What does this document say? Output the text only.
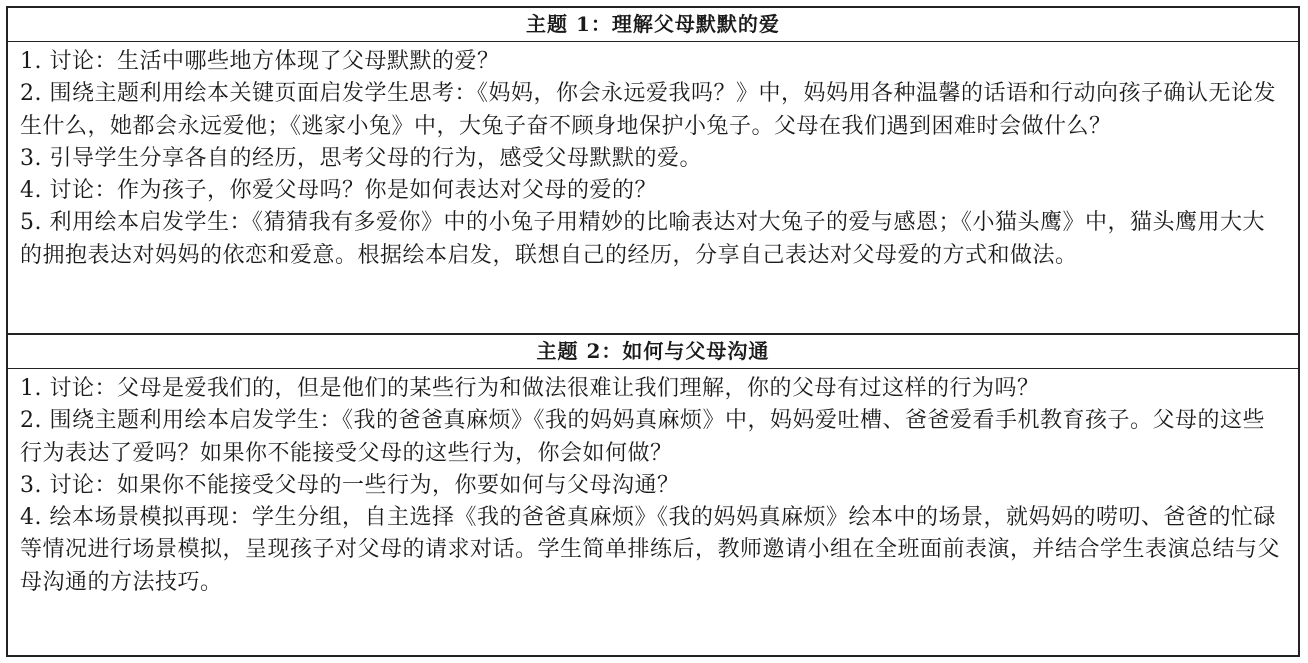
主题 1：理解父母默默的爱

1. 讨论：生活中哪些地方体现了父母默默的爱？

2. 围绕主题利用绘本关键页面启发学生思考：《妈妈，你会永远爱我吗？》中，妈妈用各种温馨的话语和行动向孩子确认无论发生什么，她都会永远爱他；《逃家小兔》中，大兔子奋不顾身地保护小兔子。父母在我们遇到困难时会做什么？

3. 引导学生分享各自的经历，思考父母的行为，感受父母默默的爱。

4. 讨论：作为孩子，你爱父母吗？你是如何表达对父母的爱的？

5. 利用绘本启发学生：《猜猜我有多爱你》中的小兔子用精妙的比喻表达对大兔子的爱与感恩；《小猫头鹰》中，猫头鹰用大大的拥抱表达对妈妈的依恋和爱意。根据绘本启发，联想自己的经历，分享自己表达对父母爱的方式和做法。

主题 2：如何与父母沟通

1. 讨论：父母是爱我们的，但是他们的某些行为和做法很难让我们理解，你的父母有过这样的行为吗？

2. 围绕主题利用绘本启发学生：《我的爸爸真麻烦》《我的妈妈真麻烦》中，妈妈爱吐槽、爸爸爱看手机教育孩子。父母的这些行为表达了爱吗？如果你不能接受父母的这些行为，你会如何做？

3. 讨论：如果你不能接受父母的一些行为，你要如何与父母沟通？

4. 绘本场景模拟再现：学生分组，自主选择《我的爸爸真麻烦》《我的妈妈真麻烦》绘本中的场景，就妈妈的唠叨、爸爸的忙碌等情况进行场景模拟，呈现孩子对父母的请求对话。学生简单排练后，教师邀请小组在全班面前表演，并结合学生表演总结与父母沟通的方法技巧。
